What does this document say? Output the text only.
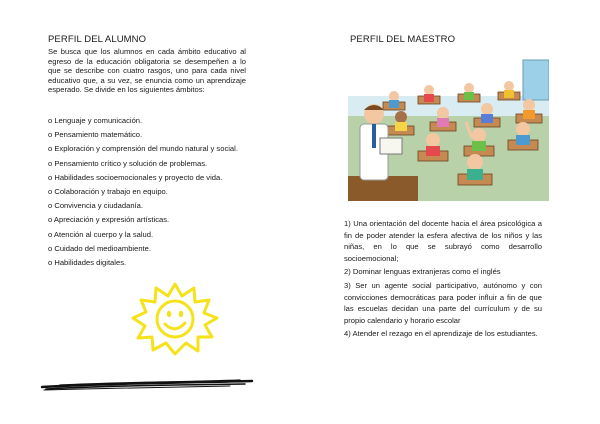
PERFIL DEL ALUMNO

Se busca que los alumnos en cada ámbito educativo al egreso de la educación obligatoria se desempeñen a lo que se describe con cuatro rasgos, uno para cada nivel educativo que, a su vez, se enuncia como un aprendizaje esperado. Se divide en los siguientes ámbitos:

o Lenguaje y comunicación.
o Pensamiento matemático.
o Exploración y comprensión del mundo natural y social.
o Pensamiento crítico y solución de problemas.
o Habilidades socioemocionales y proyecto de vida.
o Colaboración y trabajo en equipo.
o Convivencia y ciudadanía.
o Apreciación y expresión artísticas.
o Atención al cuerpo y la salud.
o Cuidado del medioambiente.
o Habilidades digitales.
PERFIL DEL MAESTRO
1) Una orientación del docente hacia el área psicológica a fin de poder atender la esfera afectiva de los niños y las niñas, en lo que se subrayó como desarrollo socioemocional;
2) Dominar lenguas extranjeras como el inglés
3) Ser un agente social participativo, autónomo y con convicciones democráticas para poder influir a fin de que las escuelas decidan una parte del currículum y de su propio calendario y horario escolar
4) Atender el rezago en el aprendizaje de los estudiantes.
